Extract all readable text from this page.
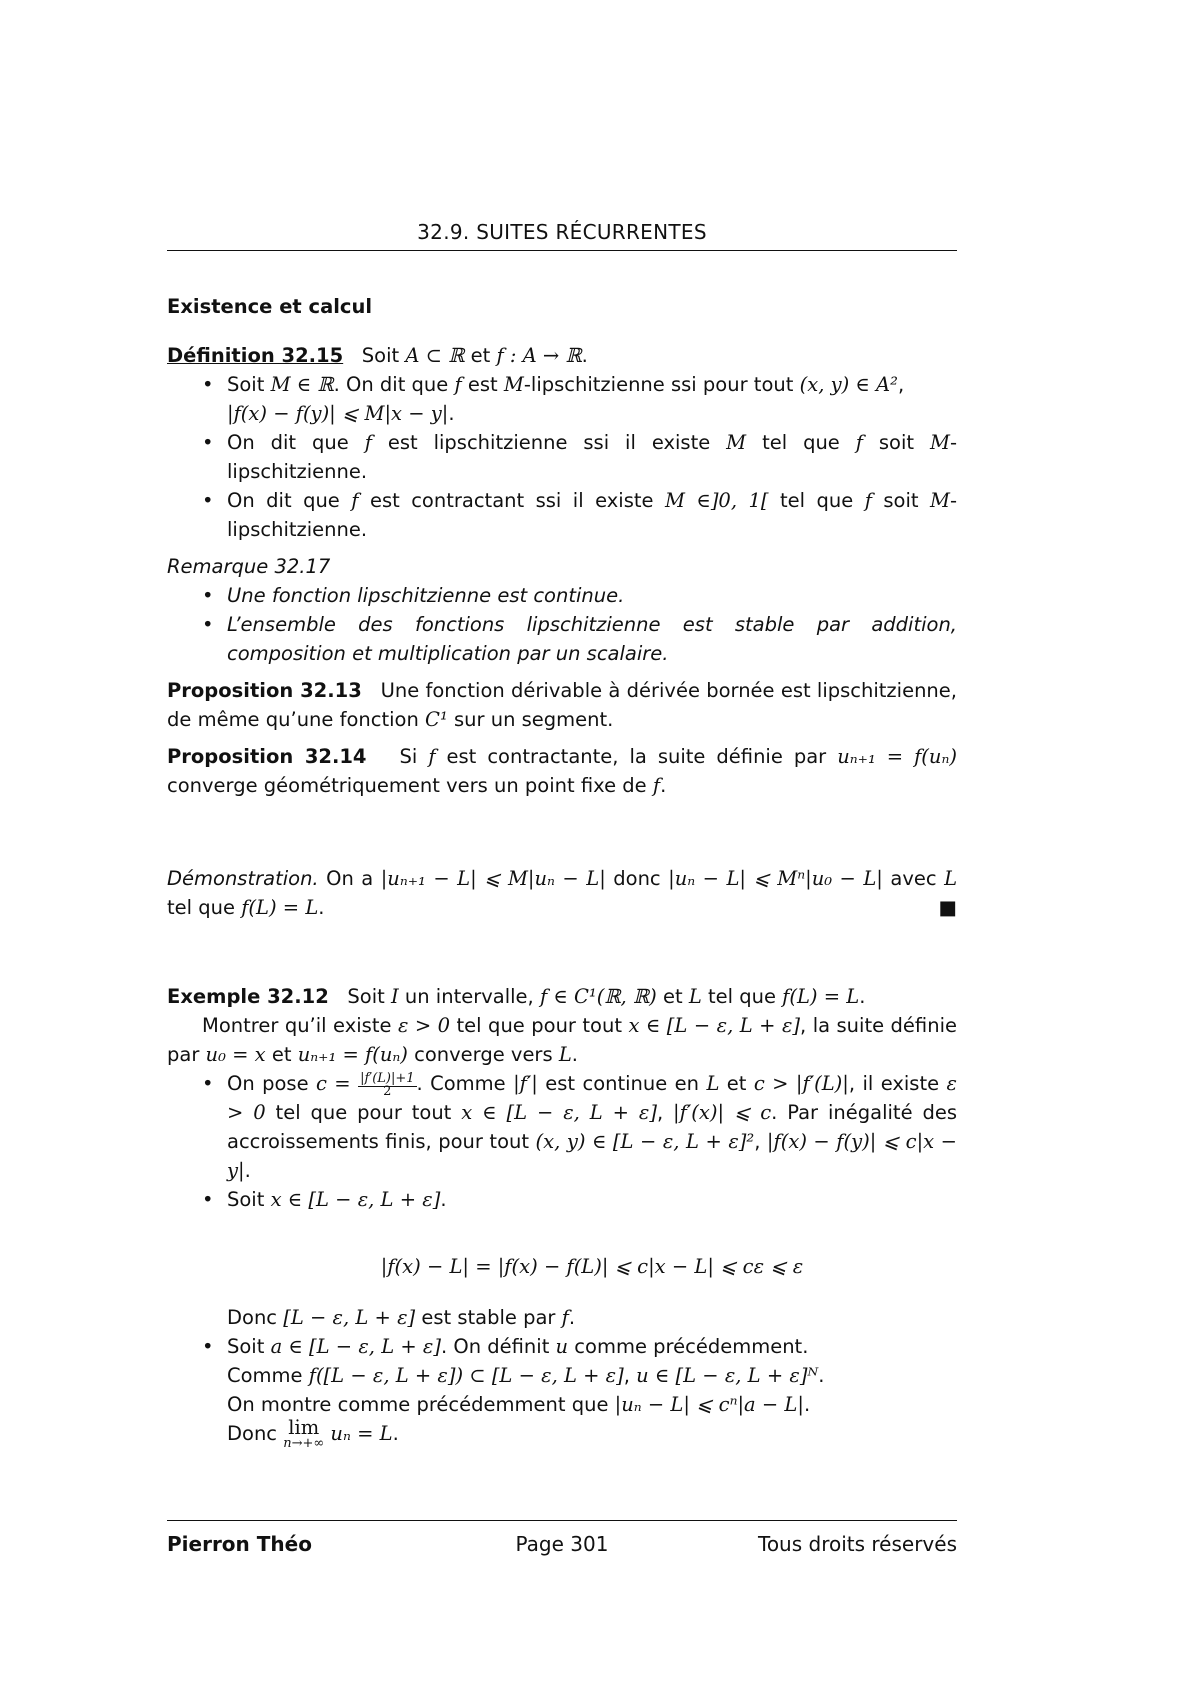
32.9. SUITES RÉCURRENTES

Existence et calcul

Définition 32.15 Soit A ⊂ ℝ et f : A → ℝ.

• Soit M ∈ ℝ. On dit que f est M-lipschitzienne ssi pour tout (x, y) ∈ A²,
|f(x) − f(y)| ⩽ M|x − y|.
• On dit que f est lipschitzienne ssi il existe M tel que f soit M-lipschitzienne.
• On dit que f est contractant ssi il existe M ∈]0, 1[ tel que f soit M-lipschitzienne.

Remarque 32.17

• Une fonction lipschitzienne est continue.
• L’ensemble des fonctions lipschitzienne est stable par addition, composition et multiplication par un scalaire.

Proposition 32.13 Une fonction dérivable à dérivée bornée est lipschitzienne, de même qu’une fonction C¹ sur un segment.

Proposition 32.14 Si f est contractante, la suite définie par uₙ₊₁ = f(uₙ) converge géométriquement vers un point fixe de f.

Démonstration. On a |uₙ₊₁ − L| ⩽ M|uₙ − L| donc |uₙ − L| ⩽ Mⁿ|u₀ − L| avec L tel que f(L) = L.	■

Exemple 32.12 Soit I un intervalle, f ∈ C¹(ℝ, ℝ) et L tel que f(L) = L.

Montrer qu’il existe ε > 0 tel que pour tout x ∈ [L − ε, L + ε], la suite définie par u₀ = x et uₙ₊₁ = f(uₙ) converge vers L.

• On pose $c = \frac{|f'(L)|+1}{2}$. Comme |f′| est continue en L et c > |f′(L)|, il existe ε > 0 tel que pour tout x ∈ [L − ε, L + ε], |f′(x)| ⩽ c. Par inégalité des accroissements finis, pour tout (x, y) ∈ [L − ε, L + ε]², |f(x) − f(y)| ⩽ c|x − y|.
• Soit x ∈ [L − ε, L + ε].
|f(x) − L| = |f(x) − f(L)| ⩽ c|x − L| ⩽ cε ⩽ ε
Donc [L − ε, L + ε] est stable par f.
• Soit a ∈ [L − ε, L + ε]. On définit u comme précédemment.
Comme f([L − ε, L + ε]) ⊂ [L − ε, L + ε], u ∈ [L − ε, L + ε]ᴺ.
On montre comme précédemment que |uₙ − L| ⩽ cⁿ|a − L|.
Donc lim
n→+∞ uₙ = L.
Pierron Théo	Page 301	Tous droits réservés
